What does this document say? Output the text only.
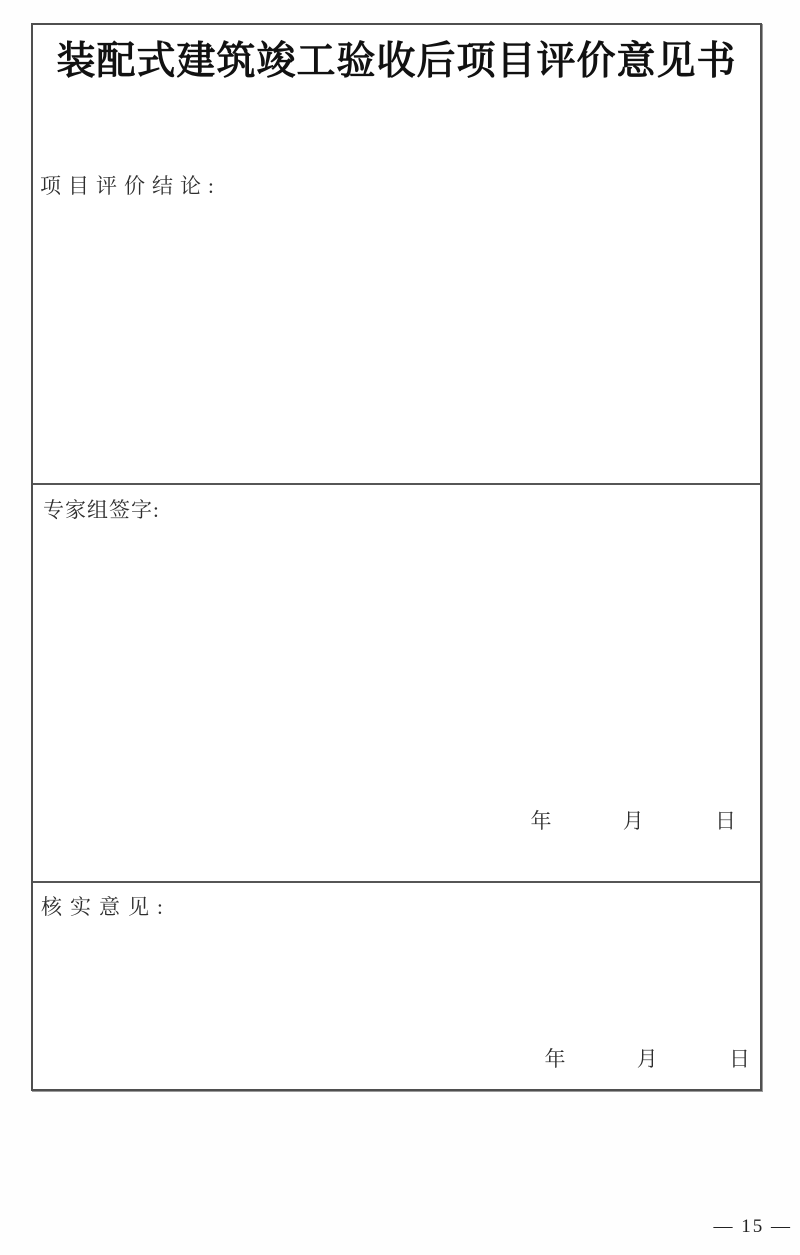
装配式建筑竣工验收后项目评价意见书
项目评价结论:
专家组签字:
年	月	日
核实意见:
年	月	日
— 15 —
